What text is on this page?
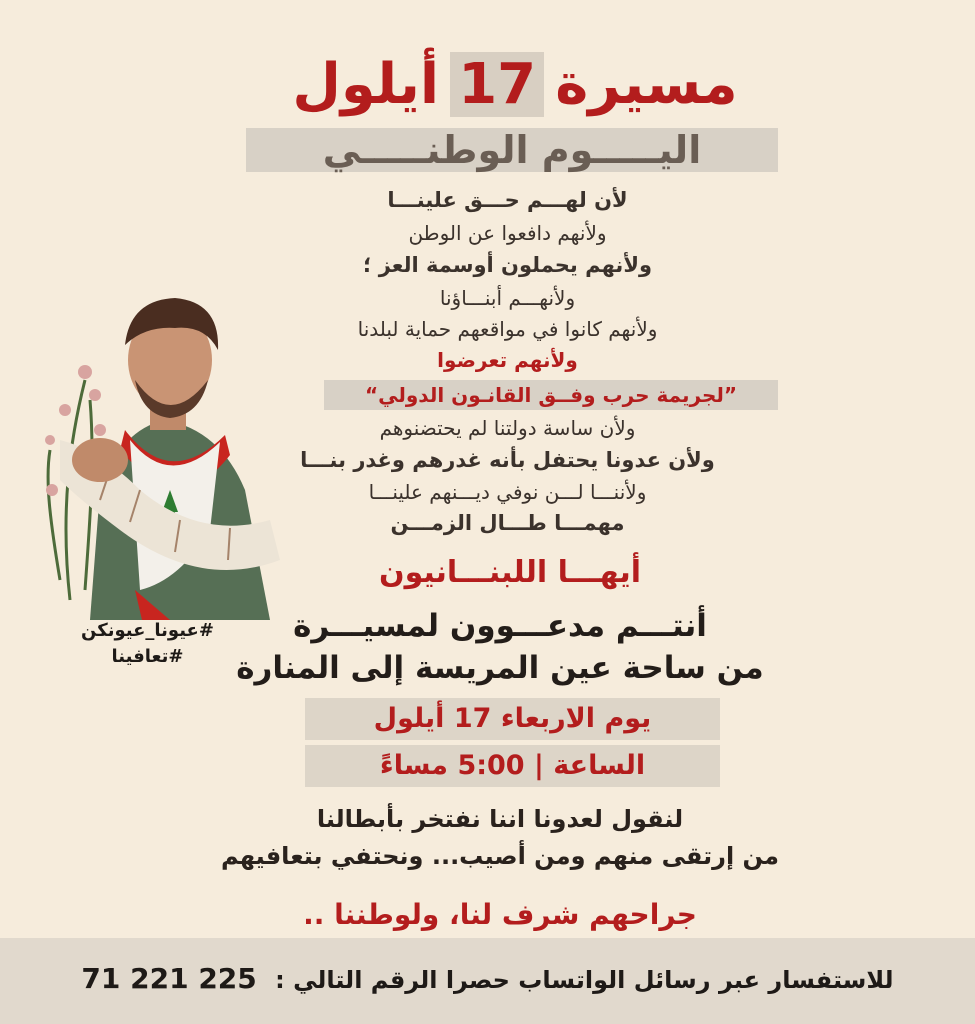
مسيرة 17 أيلول
اليـــــوم الوطنـــــي
لأن لهـــم حـــق علينـــا
ولأنهم دافعوا عن الوطن
ولأنهم يحملون أوسمة العز ؛
ولأنهـــم أبنـــاؤنا
ولأنهم كانوا في مواقعهم حماية لبلدنا
ولأنهم تعرضوا
”لجريمة حرب وفــق القانـون الدولي“
ولأن ساسة دولتنا لم يحتضنوهم
ولأن عدونا يحتفل بأنه غدرهم وغدر بنـــا
ولأننـــا لـــن نوفي ديـــنهم علينـــا
مهمـــا طـــال الزمـــن
أيهـــا اللبنـــانيون
أنتـــم مدعـــوون لمسيـــرة
من ساحة عين المريسة إلى المنارة
يوم الاربعاء 17 أيلول
الساعة | 5:00 مساءً
لنقول لعدونا اننا نفتخر بأبطالنا
من إرتقى منهم ومن أصيب... ونحتفي بتعافيهم
جراحهم شرف لنا، ولوطننا ..
#عيونا_عيونكن
#تعافينا
للاستفسار عبر رسائل الواتساب حصرا الرقم التالي : 71 221 225
